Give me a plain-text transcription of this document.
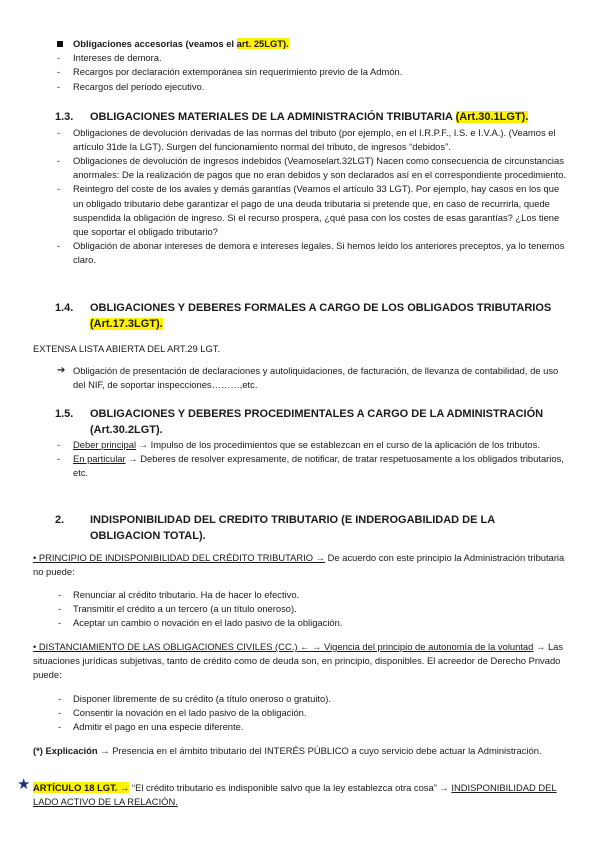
Obligaciones accesorias (veamos el art. 25LGT).
- Intereses de demora.
- Recargos por declaración extemporánea sin requerimiento previo de la Admón.
- Recargos del periodo ejecutivo.
1.3. OBLIGACIONES MATERIALES DE LA ADMINISTRACIÓN TRIBUTARIA (Art.30.1LGT).
- Obligaciones de devolución derivadas de las normas del tributo (por ejemplo, en el I.R.P.F., I.S. e I.V.A.). (Veamos el artículo 31de la LGT). Surgen del funcionamiento normal del tributo, de ingresos “debidos”.
- Obligaciones de devolución de ingresos indebidos (Veamoselart.32LGT) Nacen como consecuencia de circunstancias anormales: De la realización de pagos que no eran debidos y son declarados así en el correspondiente procedimiento.
- Reintegro del coste de los avales y demás garantías (Veamos el artículo 33 LGT). Por ejemplo, hay casos en los que un obligado tributario debe garantizar el pago de una deuda tributaria si pretende que, en caso de recurrirla, quede suspendida la obligación de ingreso. Si el recurso prospera, ¿qué pasa con los costes de esas garantías? ¿Los tiene que soportar el obligado tributario?
- Obligación de abonar intereses de demora e intereses legales. Si hemos leído los anteriores preceptos, ya lo tenemos claro.
1.4. OBLIGACIONES Y DEBERES FORMALES A CARGO DE LOS OBLIGADOS TRIBUTARIOS (Art.17.3LGT).
EXTENSA LISTA ABIERTA DEL ART.29 LGT.
➔ Obligación de presentación de declaraciones y autoliquidaciones, de facturación, de llevanza de contabilidad, de uso del NIF, de soportar inspecciones………,etc.
1.5. OBLIGACIONES Y DEBERES PROCEDIMENTALES A CARGO DE LA ADMINISTRACIÓN (Art.30.2LGT).
- Deber principal → Impulso de los procedimientos que se establezcan en el curso de la aplicación de los tributos.
- En particular → Deberes de resolver expresamente, de notificar, de tratar respetuosamente a los obligados tributarios, etc.
2. INDISPONIBILIDAD DEL CREDITO TRIBUTARIO (E INDEROGABILIDAD DE LA OBLIGACION TOTAL).
• PRINCIPIO DE INDISPONIBILIDAD DEL CRÉDITO TRIBUTARIO → De acuerdo con este principio la Administración tributaria no puede:
- Renunciar al crédito tributario. Ha de hacer lo efectivo.
- Transmitir el crédito a un tercero (a un título oneroso).
- Aceptar un cambio o novación en el lado pasivo de la obligación.
• DISTANCIAMIENTO DE LAS OBLIGACIONES CIVILES (CC.) ← → Vigencia del principio de autonomía de la voluntad → Las situaciones jurídicas subjetivas, tanto de crédito como de deuda son, en principio, disponibles. El acreedor de Derecho Privado puede:
- Disponer libremente de su crédito (a título oneroso o gratuito).
- Consentir la novación en el lado pasivo de la obligación.
- Admitir el pago en una especie diferente.
(*) Explicación → Presencia en el ámbito tributario del INTERÉS PÚBLICO a cuyo servicio debe actuar la Administración.
★ ARTÍCULO 18 LGT. → “El crédito tributario es indisponible salvo que la ley establezca otra cosa” → INDISPONIBILIDAD DEL LADO ACTIVO DE LA RELACIÓN.
